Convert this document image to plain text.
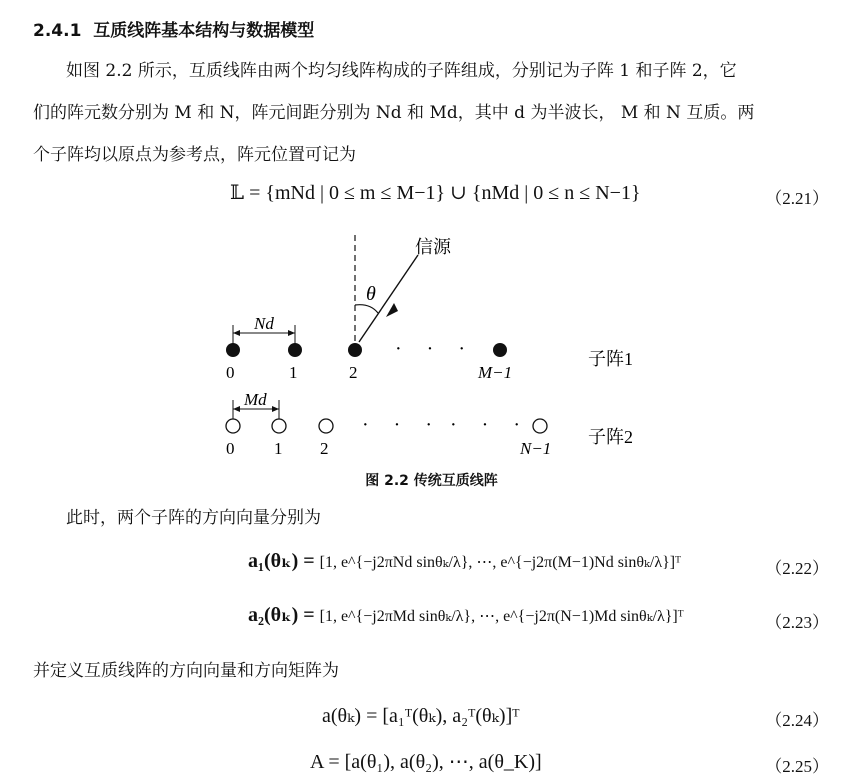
2.4.1 互质线阵基本结构与数据模型
如图 2.2 所示，互质线阵由两个均匀线阵构成的子阵组成，分别记为子阵 1 和子阵 2，它
们的阵元数分别为 M 和 N，阵元间距分别为 Nd 和 Md，其中 d 为半波长， M 和 N 互质。两
个子阵均以原点为参考点，阵元位置可记为
𝕃 = {mNd | 0 ≤ m ≤ M−1} ∪ {nMd | 0 ≤ n ≤ N−1}	（2.21）
信源
θ
Nd
· · ·
0	1	2	M−1
子阵1
Md
· · · · · ·
0 1 2	N−1
子阵2
图 2.2 传统互质线阵
此时，两个子阵的方向向量分别为
a₁(θₖ) = [1, e^{−j2πNd sinθₖ/λ}, ⋯, e^{−j2π(M−1)Nd sinθₖ/λ}]ᵀ	（2.22）
a₂(θₖ) = [1, e^{−j2πMd sinθₖ/λ}, ⋯, e^{−j2π(N−1)Md sinθₖ/λ}]ᵀ	（2.23）
并定义互质线阵的方向向量和方向矩阵为
a(θₖ) = [a₁ᵀ(θₖ), a₂ᵀ(θₖ)]ᵀ	（2.24）
A = [a(θ₁), a(θ₂), ⋯, a(θ_K)]	（2.25）
